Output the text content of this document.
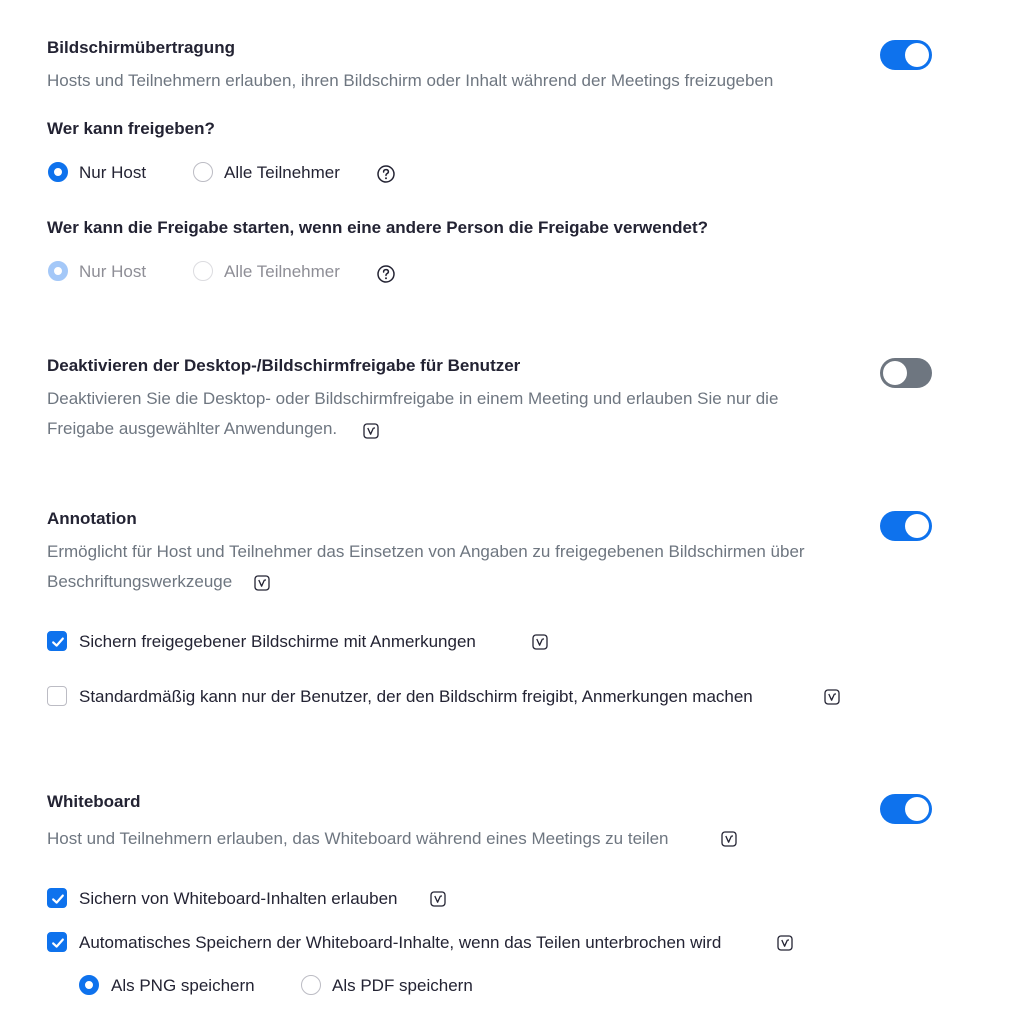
Bildschirmübertragung
Hosts und Teilnehmern erlauben, ihren Bildschirm oder Inhalt während der Meetings freizugeben
Wer kann freigeben?
Nur Host	Alle Teilnehmer
Wer kann die Freigabe starten, wenn eine andere Person die Freigabe verwendet?
Nur Host	Alle Teilnehmer
Deaktivieren der Desktop-/Bildschirmfreigabe für Benutzer
Deaktivieren Sie die Desktop- oder Bildschirmfreigabe in einem Meeting und erlauben Sie nur die
Freigabe ausgewählter Anwendungen.
Annotation
Ermöglicht für Host und Teilnehmer das Einsetzen von Angaben zu freigegebenen Bildschirmen über
Beschriftungswerkzeuge
Sichern freigegebener Bildschirme mit Anmerkungen
Standardmäßig kann nur der Benutzer, der den Bildschirm freigibt, Anmerkungen machen
Whiteboard
Host und Teilnehmern erlauben, das Whiteboard während eines Meetings zu teilen
Sichern von Whiteboard-Inhalten erlauben
Automatisches Speichern der Whiteboard-Inhalte, wenn das Teilen unterbrochen wird
Als PNG speichern	Als PDF speichern
